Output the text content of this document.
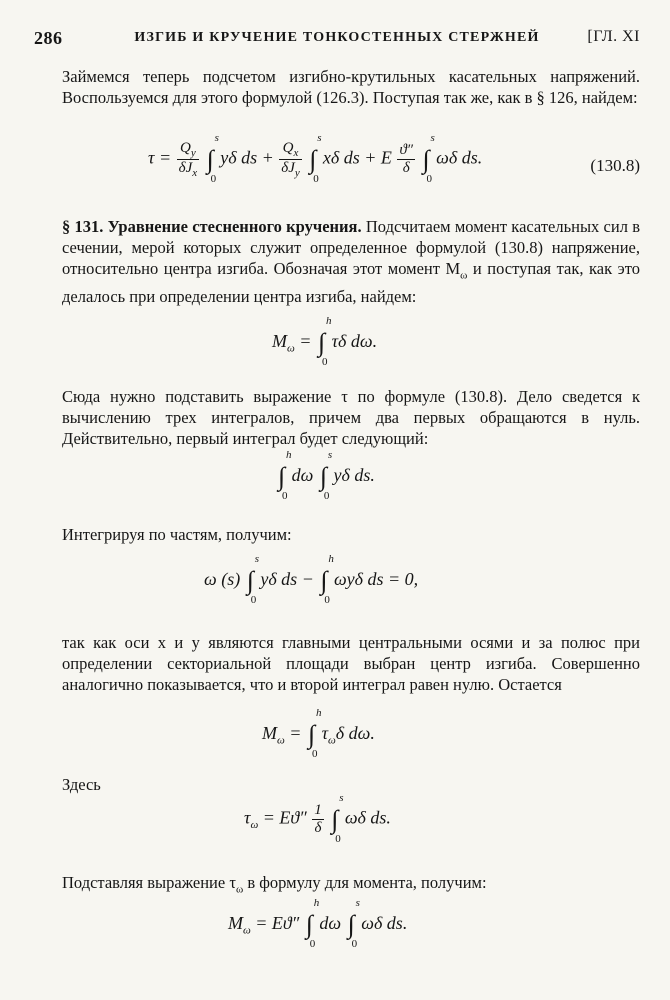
286	ИЗГИБ И КРУЧЕНИЕ ТОНКОСТЕННЫХ СТЕРЖНЕЙ	[ГЛ. XI
Займемся теперь подсчетом изгибно-крутильных касательных напряжений. Воспользуемся для этого формулой (126.3). Поступая так же, как в § 126, найдем:
$\tau = \frac{Q_y}{\delta J_x}$ ∫
s
0
yδ ds + $\frac{Q_x}{\delta J_y}$ ∫
s
0
xδ ds + E $\frac{ϑ''}{\delta}$ ∫
s
0
ωδ ds.	(130.8)
§ 131. Уравнение стесненного кручения. Подсчитаем момент касательных сил в сечении, мерой которых служит определенное формулой (130.8) напряжение, относительно центра изгиба. Обозначая этот момент $M_\omega$ и поступая так, как это делалось при определении центра изгиба, найдем:
$M_\omega$ = ∫
h
0
τδ dω.
Сюда нужно подставить выражение τ по формуле (130.8). Дело сведется к вычислению трех интегралов, причем два первых обращаются в нуль. Действительно, первый интеграл будет следующий:
∫
h
0
dω ∫
s
0
yδ ds.
Интегрируя по частям, получим:
ω (s) ∫
s
0
yδ ds − ∫
h
0
ωyδ ds = 0,
так как оси x и y являются главными центральными осями и за полюс при определении секториальной площади выбран центр изгиба. Совершенно аналогично показывается, что и второй интеграл равен нулю. Остается
$M_\omega$ = ∫
h
0
$\tau_\omega\delta$ dω.
Здесь
$\tau_\omega = Eϑ'' \frac{1}{\delta}$ ∫
s
0
ωδ ds.
Подставляя выражение $\tau_\omega$ в формулу для момента, получим:
$M_\omega = Eϑ''$ ∫
h
0
dω ∫
s
0
ωδ ds.
